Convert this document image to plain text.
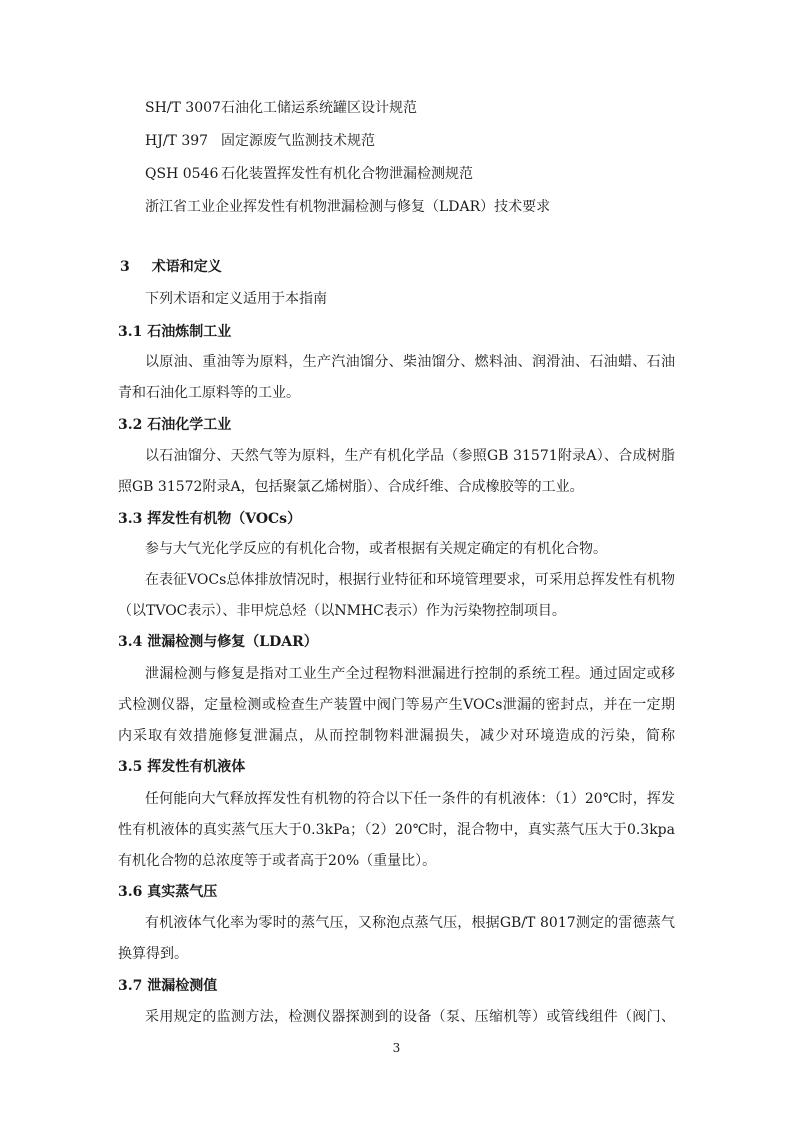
SH/T 3007石油化工储运系统罐区设计规范
HJ/T 397 固定源废气监测技术规范
QSH 0546 石化装置挥发性有机化合物泄漏检测规范
浙江省工业企业挥发性有机物泄漏检测与修复（LDAR）技术要求
3 术语和定义
下列术语和定义适用于本指南
3.1 石油炼制工业
以原油、重油等为原料，生产汽油馏分、柴油馏分、燃料油、润滑油、石油蜡、石油
青和石油化工原料等的工业。
3.2 石油化学工业
以石油馏分、天然气等为原料，生产有机化学品（参照GB 31571附录A）、合成树脂
照GB 31572附录A，包括聚氯乙烯树脂）、合成纤维、合成橡胶等的工业。
3.3 挥发性有机物（VOCs）
参与大气光化学反应的有机化合物，或者根据有关规定确定的有机化合物。
在表征VOCs总体排放情况时，根据行业特征和环境管理要求，可采用总挥发性有机物
（以TVOC表示）、非甲烷总烃（以NMHC表示）作为污染物控制项目。
3.4 泄漏检测与修复（LDAR）
泄漏检测与修复是指对工业生产全过程物料泄漏进行控制的系统工程。通过固定或移
式检测仪器，定量检测或检查生产装置中阀门等易产生VOCs泄漏的密封点，并在一定期
内采取有效措施修复泄漏点，从而控制物料泄漏损失，减少对环境造成的污染，简称
3.5 挥发性有机液体
任何能向大气释放挥发性有机物的符合以下任一条件的有机液体：（1）20℃时，挥发
性有机液体的真实蒸气压大于0.3kPa；（2）20℃时，混合物中，真实蒸气压大于0.3kpa
有机化合物的总浓度等于或者高于20%（重量比）。
3.6 真实蒸气压
有机液体气化率为零时的蒸气压，又称泡点蒸气压，根据GB/T 8017测定的雷德蒸气
换算得到。
3.7 泄漏检测值
采用规定的监测方法，检测仪器探测到的设备（泵、压缩机等）或管线组件（阀门、
3
